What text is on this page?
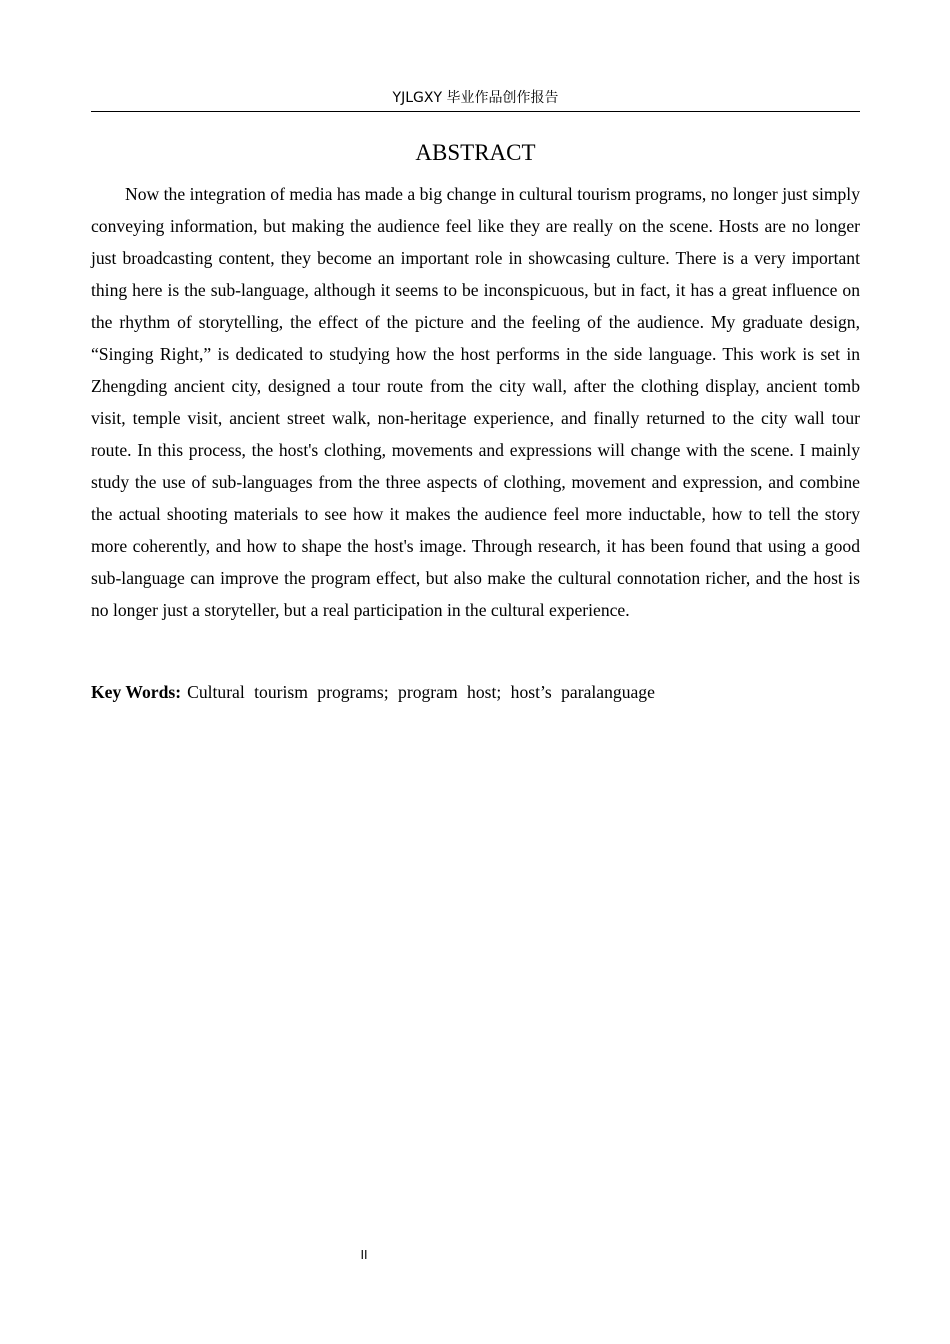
YJLGXY 毕业作品创作报告
ABSTRACT

Now the integration of media has made a big change in cultural tourism programs, no longer just simply conveying information, but making the audience feel like they are really on the scene. Hosts are no longer just broadcasting content, they become an important role in showcasing culture. There is a very important thing here is the sub-language, although it seems to be inconspicuous, but in fact, it has a great influence on the rhythm of storytelling, the effect of the picture and the feeling of the audience. My graduate design, “Singing Right,” is dedicated to studying how the host performs in the side language. This work is set in Zhengding ancient city, designed a tour route from the city wall, after the clothing display, ancient tomb visit, temple visit, ancient street walk, non-heritage experience, and finally returned to the city wall tour route. In this process, the host's clothing, movements and expressions will change with the scene. I mainly study the use of sub-languages from the three aspects of clothing, movement and expression, and combine the actual shooting materials to see how it makes the audience feel more inductable, how to tell the story more coherently, and how to shape the host's image. Through research, it has been found that using a good sub-language can improve the program effect, but also make the cultural connotation richer, and the host is no longer just a storyteller, but a real participation in the cultural experience.

Key Words: Cultural tourism programs; program host; host’s paralanguage

II
